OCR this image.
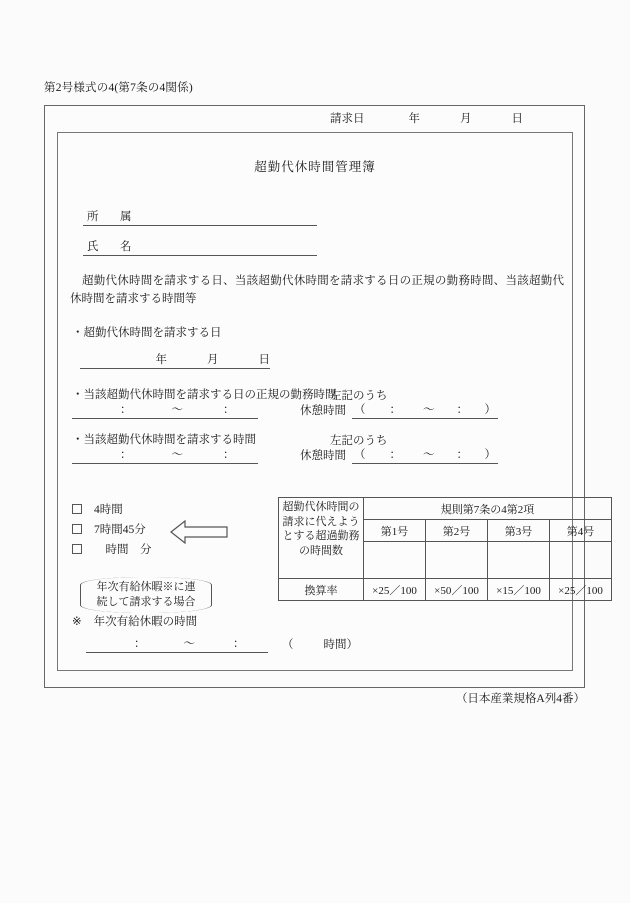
第2号様式の4(第7条の4関係)
請求日	年	月	日
超勤代休時間管理簿
所　属
氏　名
超勤代休時間を請求する日、当該超勤代休時間を請求する日の正規の勤務時間、当該超勤代休時間を請求する時間等
・超勤代休時間を請求する日
年	月	日
・当該超勤代休時間を請求する日の正規の勤務時間
左記のうち
：	～	：	休憩時間 （ ： ～ ： ）
・当該超勤代休時間を請求する時間	左記のうち
：	～	：	休憩時間 （ ： ～ ： ）
4時間
7時間45分
　時間　分
年次有給休暇※に連
続して請求する場合
超勤代休時間の請求に代えようとする超過勤務の時間数	規則第7条の4第2項			
	第1号	第2号	第3号	第4号

換算率	×25／100	×50／100	×15／100	×25／100
※ 年次有給休暇の時間
：	～	：	（	時間）
（日本産業規格A列4番）
